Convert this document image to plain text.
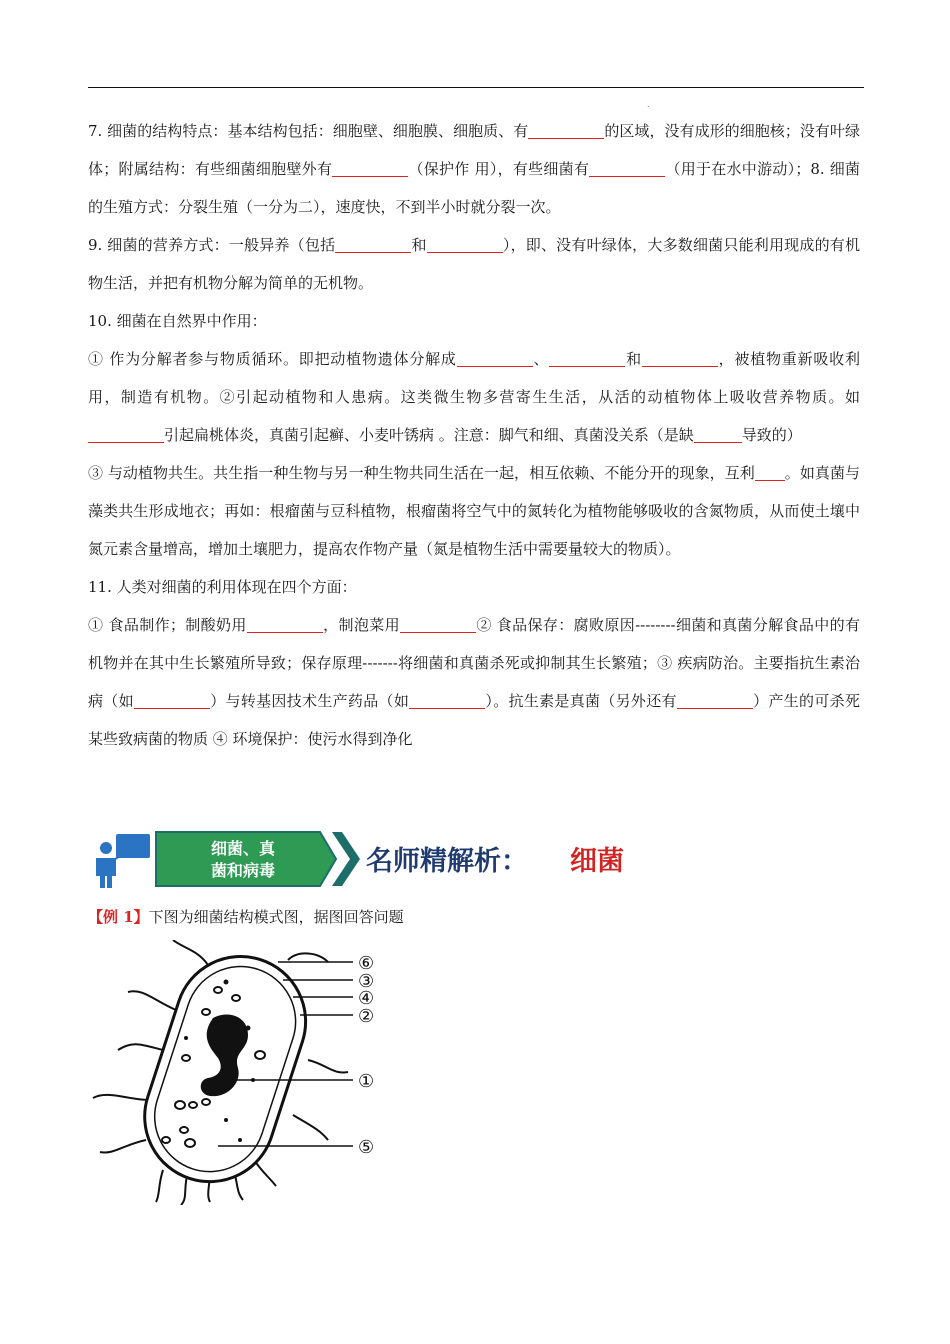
.

7. 细菌的结构特点：基本结构包括：细胞壁、细胞膜、细胞质、有	的区域，没有成形的细胞核；没有叶绿体；附属结构：有些细菌细胞壁外有	（保护作 用），有些细菌有	（用于在水中游动）；8. 细菌的生殖方式：分裂生殖（一分为二），速度快，不到半小时就分裂一次。

9. 细菌的营养方式：一般异养（包括	和	），即、没有叶绿体，大多数细菌只能利用现成的有机物生活，并把有机物分解为简单的无机物。

10. 细菌在自然界中作用：

① 作为分解者参与物质循环。即把动植物遗体分解成	、	和	，被植物重新吸收利用，制造有机物。②引起动植物和人患病。这类微生物多营寄生生活，从活的动植物体上吸收营养物质。如引起扁桃体炎，真菌引起癣、小麦叶锈病 。注意：脚气和细、真菌没关系（是缺	导致的）

③ 与动植物共生。共生指一种生物与另一种生物共同生活在一起，相互依赖、不能分开的现象，互利 。如真菌与藻类共生形成地衣；再如：根瘤菌与豆科植物，根瘤菌将空气中的氮转化为植物能够吸收的含氮物质，从而使土壤中氮元素含量增高，增加土壤肥力，提高农作物产量（氮是植物生活中需要量较大的物质）。

11. 人类对细菌的利用体现在四个方面：

① 食品制作；制酸奶用	，制泡菜用	② 食品保存：腐败原因--------细菌和真菌分解食品中的有机物并在其中生长繁殖所导致；保存原理-------将细菌和真菌杀死或抑制其生长繁殖；③ 疾病防治。主要指抗生素治病（如	）与转基因技术生产药品（如	）。抗生素是真菌（另外还有	）产生的可杀死某些致病菌的物质 ④ 环境保护：使污水得到净化

细菌、真
菌和病毒	名师精解析： 细菌
【例 1】下图为细菌结构模式图，据图回答问题
⑥
③
④
②
①
⑤
